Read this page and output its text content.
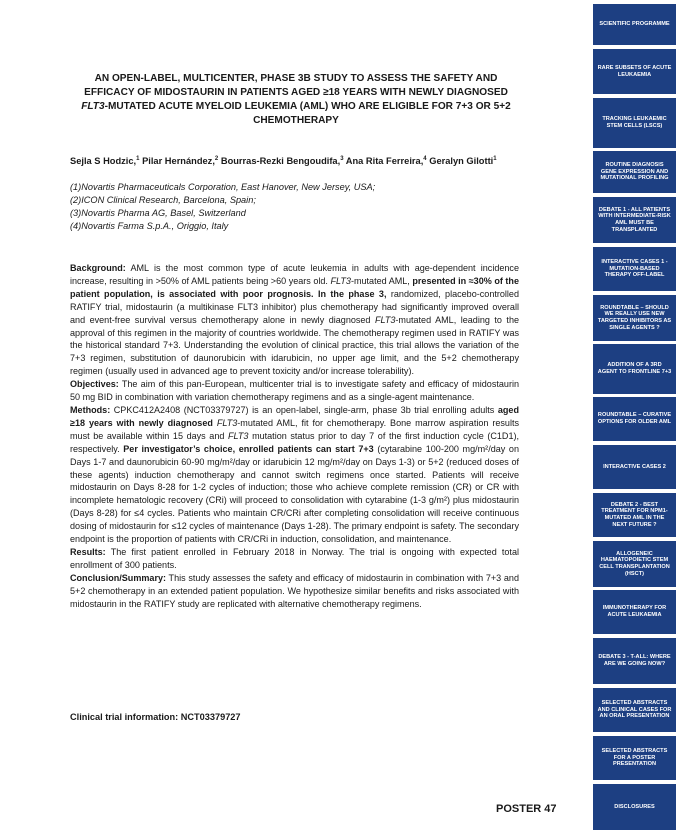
AN OPEN-LABEL, MULTICENTER, PHASE 3B STUDY TO ASSESS THE SAFETY AND EFFICACY OF MIDOSTAURIN IN PATIENTS AGED ≥18 YEARS WITH NEWLY DIAGNOSED FLT3-MUTATED ACUTE MYELOID LEUKEMIA (AML) WHO ARE ELIGIBLE FOR 7+3 OR 5+2 CHEMOTHERAPY
Sejla S Hodzic,$^1$ Pilar Hernández,$^2$ Bourras-Rezki Bengoudifa,$^3$ Ana Rita Ferreira,$^4$ Geralyn Gilotti$^1$
(1)Novartis Pharmaceuticals Corporation, East Hanover, New Jersey, USA;
(2)ICON Clinical Research, Barcelona, Spain;
(3)Novartis Pharma AG, Basel, Switzerland
(4)Novartis Farma S.p.A., Origgio, Italy

Background: AML is the most common type of acute leukemia in adults with age-dependent incidence increase, resulting in >50% of AML patients being >60 years old. FLT3-mutated AML, presented in ≈30% of the patient population, is associated with poor prognosis. In the phase 3, randomized, placebo-controlled RATIFY trial, midostaurin (a multikinase FLT3 inhibitor) plus chemotherapy had significantly improved overall and event-free survival versus chemotherapy alone in newly diagnosed FLT3-mutated AML, leading to the approval of this regimen in the majority of countries worldwide. The chemotherapy regimen used in RATIFY was the historical standard 7+3. Understanding the evolution of clinical practice, this trial allows the variation of the 7+3 regimen, substitution of daunorubicin with idarubicin, no upper age limit, and the 5+2 chemotherapy regimen (usually used in advanced age to prevent toxicity and/or increase tolerability).

Objectives: The aim of this pan-European, multicenter trial is to investigate safety and efficacy of midostaurin 50 mg BID in combination with variation chemotherapy regimens and as a single-agent maintenance.

Methods: CPKC412A2408 (NCT03379727) is an open-label, single-arm, phase 3b trial enrolling adults aged ≥18 years with newly diagnosed FLT3-mutated AML, fit for chemotherapy. Bone marrow aspiration results must be available within 15 days and FLT3 mutation status prior to day 7 of the first induction cycle (C1D1), respectively. Per investigator’s choice, enrolled patients can start 7+3 (cytarabine 100-200 mg/m²/day on Days 1-7 and daunorubicin 60-90 mg/m²/day or idarubicin 12 mg/m²/day on Days 1-3) or 5+2 (reduced doses of these agents) induction chemotherapy and cannot switch regimens once started. Patients will receive midostaurin on Days 8-28 for 1-2 cycles of induction; those who achieve complete remission (CR) or CR with incomplete hematologic recovery (CRi) will proceed to consolidation with cytarabine (1-3 g/m²) plus midostaurin (Days 8-28) for ≤4 cycles. Patients who maintain CR/CRi after completing consolidation will receive continuous dosing of midostaurin for ≤12 cycles of maintenance (Days 1-28). The primary endpoint is safety. The secondary endpoint is the proportion of patients with CR/CRi in induction, consolidation, and maintenance.

Results: The first patient enrolled in February 2018 in Norway. The trial is ongoing with expected total enrollment of 300 patients.

Conclusion/Summary: This study assesses the safety and efficacy of midostaurin in combination with 7+3 and 5+2 chemotherapy in an extended patient population. We hypothesize similar benefits and risks associated with midostaurin in the RATIFY study are replicated with alternative chemotherapy regimens.

Clinical trial information: NCT03379727
POSTER 47
SCIENTIFIC PROGRAMME
RARE SUBSETS OF ACUTE LEUKAEMIA
TRACKING LEUKAEMIC STEM CELLS (LSCS)
ROUTINE DIAGNOSIS GENE EXPRESSION AND MUTATIONAL PROFILING
DEBATE 1 - ALL PATIENTS WITH INTERMEDIATE-RISK AML MUST BE TRANSPLANTED
INTERACTIVE CASES 1 - MUTATION-BASED THERAPY OFF-LABEL
ROUNDTABLE – SHOULD WE REALLY USE NEW TARGETED INHIBITORS AS SINGLE AGENTS ?
ADDITION OF A 3RD AGENT TO FRONTLINE 7+3
ROUNDTABLE – CURATIVE OPTIONS FOR OLDER AML
INTERACTIVE CASES 2
DEBATE 2 - BEST TREATMENT FOR NPM1-MUTATED AML IN THE NEXT FUTURE ?
ALLOGENEIC HAEMATOPOIETIC STEM CELL TRANSPLANTATION (HSCT)
IMMUNOTHERAPY FOR ACUTE LEUKAEMIA
DEBATE 3 - T-ALL: WHERE ARE WE GOING NOW?
SELECTED ABSTRACTS AND CLINICAL CASES FOR AN ORAL PRESENTATION
SELECTED ABSTRACTS FOR A POSTER PRESENTATION
DISCLOSURES
